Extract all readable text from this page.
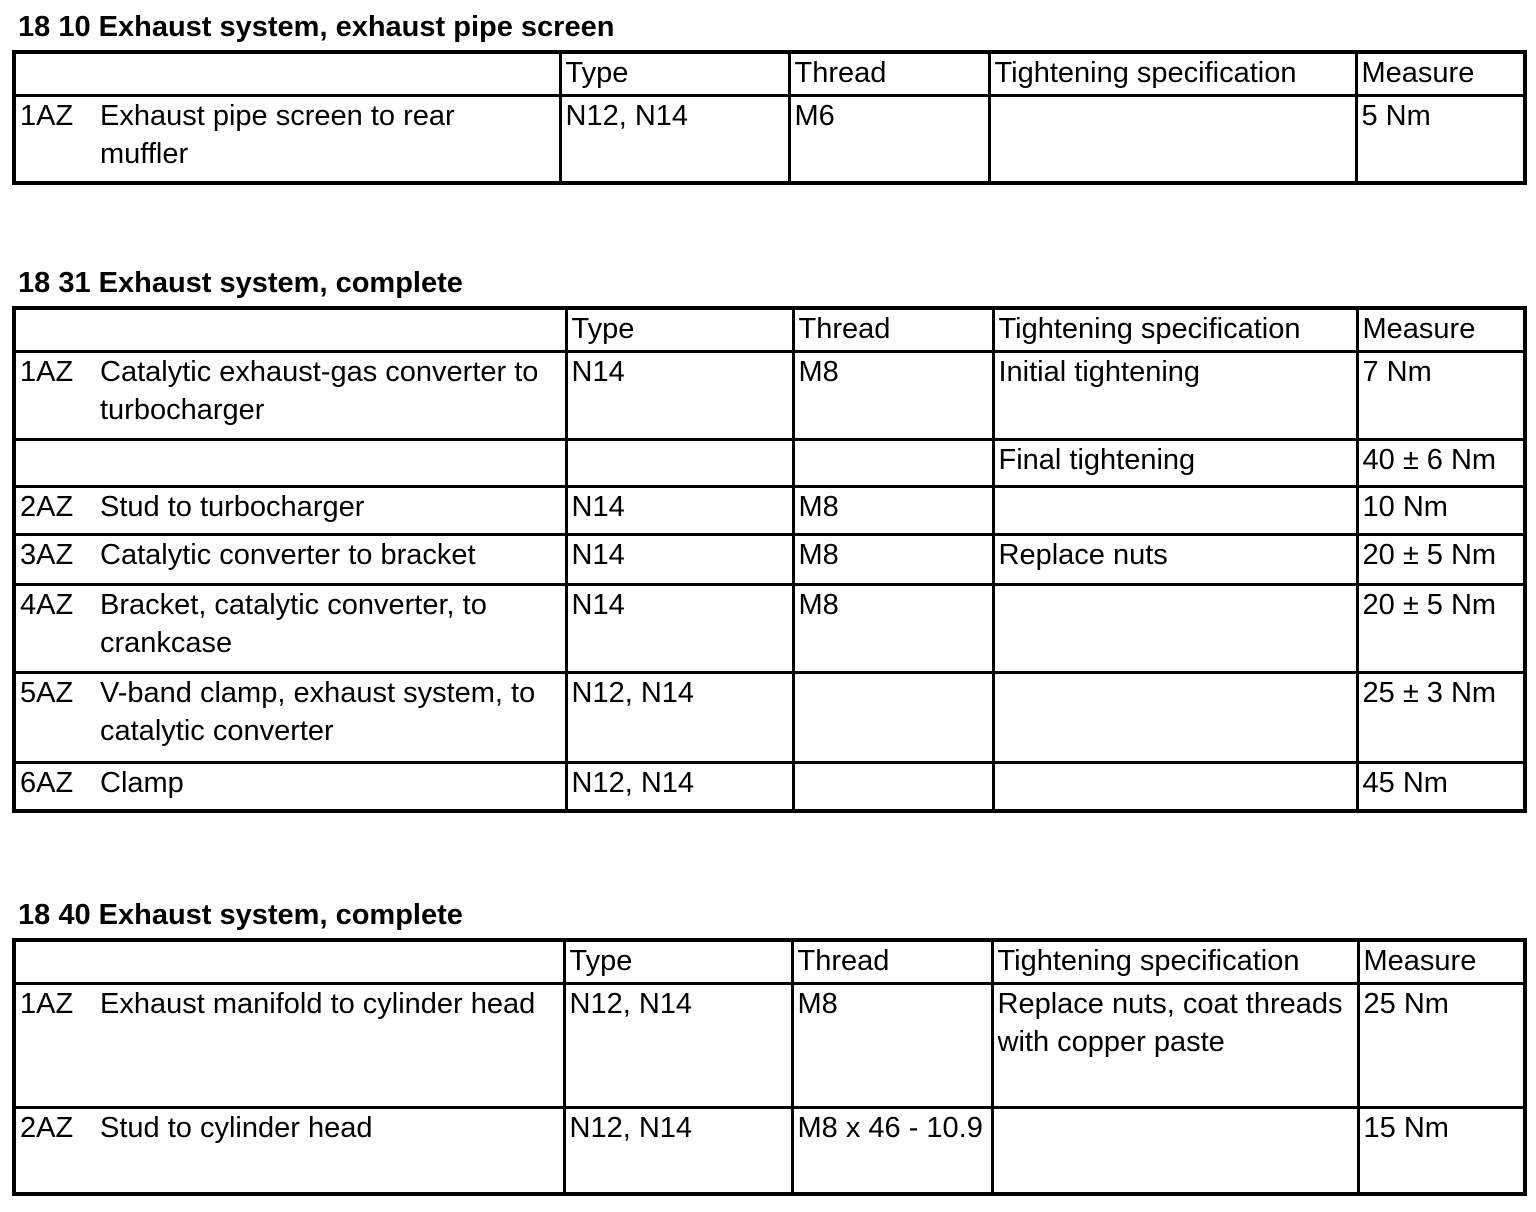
18 10 Exhaust system, exhaust pipe screen
	Type	Thread	Tightening specification	Measure
1AZ Exhaust pipe screen to rear muffler	N12, N14	M6		5 Nm
18 31 Exhaust system, complete
	Type	Thread	Tightening specification	Measure
1AZ Catalytic exhaust-gas converter to turbocharger	N14	M8	Initial tightening	7 Nm
			Final tightening	40 ± 6 Nm
2AZ Stud to turbocharger	N14	M8		10 Nm
3AZ Catalytic converter to bracket	N14	M8	Replace nuts	20 ± 5 Nm
4AZ Bracket, catalytic converter, to crankcase	N14	M8		20 ± 5 Nm
5AZ V-band clamp, exhaust system, to catalytic converter	N12, N14			25 ± 3 Nm
6AZ Clamp	N12, N14			45 Nm
18 40 Exhaust system, complete
	Type	Thread	Tightening specification	Measure
1AZ Exhaust manifold to cylinder head	N12, N14	M8	Replace nuts, coat threads with copper paste	25 Nm
2AZ Stud to cylinder head	N12, N14	M8 x 46 - 10.9		15 Nm
